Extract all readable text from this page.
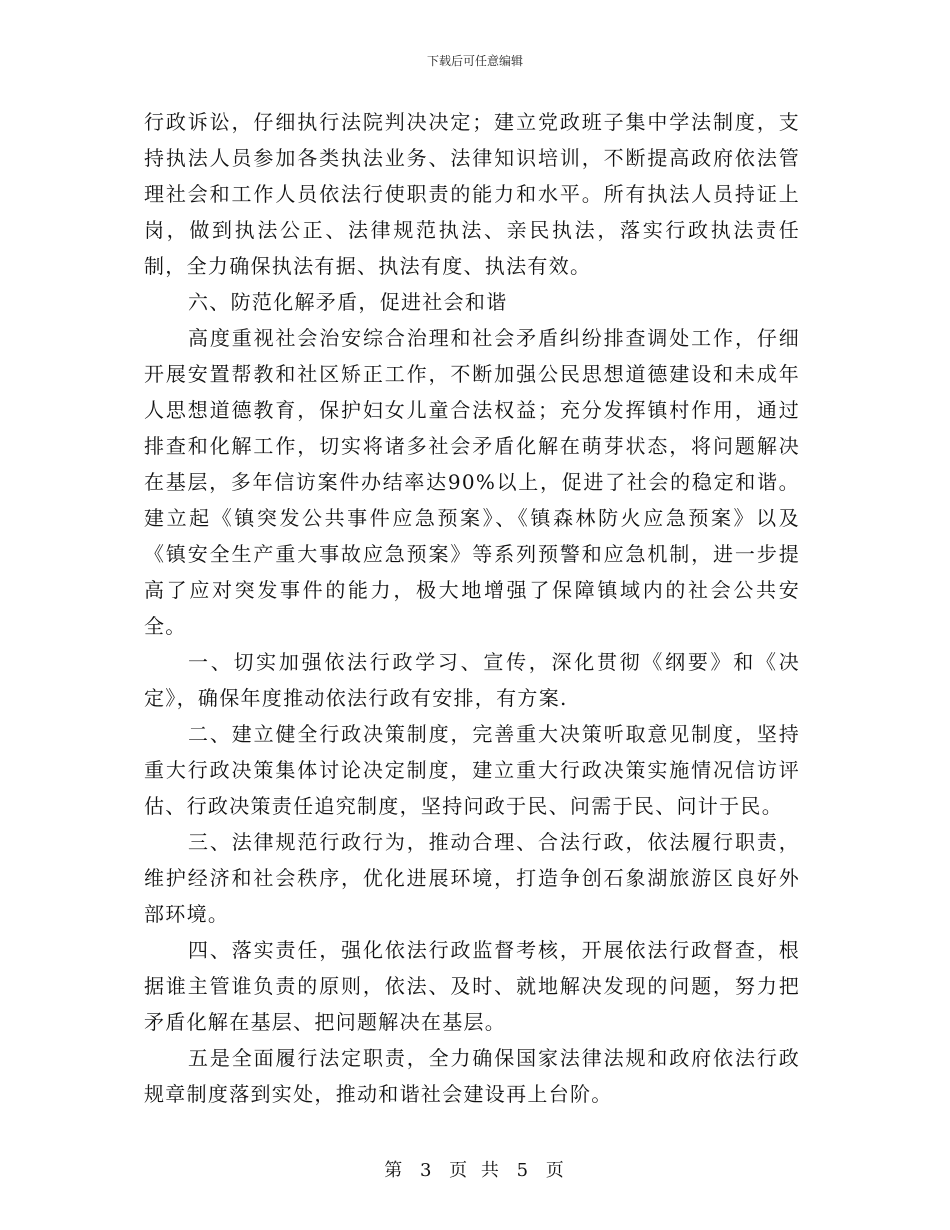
下载后可任意编辑

行政诉讼，仔细执行法院判决决定；建立党政班子集中学法制度，支持执法人员参加各类执法业务、法律知识培训，不断提高政府依法管理社会和工作人员依法行使职责的能力和水平。所有执法人员持证上岗，做到执法公正、法律规范执法、亲民执法，落实行政执法责任制，全力确保执法有据、执法有度、执法有效。

六、防范化解矛盾，促进社会和谐

高度重视社会治安综合治理和社会矛盾纠纷排查调处工作，仔细开展安置帮教和社区矫正工作，不断加强公民思想道德建设和未成年人思想道德教育，保护妇女儿童合法权益；充分发挥镇村作用，通过排查和化解工作，切实将诸多社会矛盾化解在萌芽状态，将问题解决在基层，多年信访案件办结率达90%以上，促进了社会的稳定和谐。建立起《镇突发公共事件应急预案》、《镇森林防火应急预案》以及《镇安全生产重大事故应急预案》等系列预警和应急机制，进一步提高了应对突发事件的能力，极大地增强了保障镇域内的社会公共安全。

一、切实加强依法行政学习、宣传，深化贯彻《纲要》和《决定》，确保年度推动依法行政有安排，有方案.

二、建立健全行政决策制度，完善重大决策听取意见制度，坚持重大行政决策集体讨论决定制度，建立重大行政决策实施情况信访评估、行政决策责任追究制度，坚持问政于民、问需于民、问计于民。

三、法律规范行政行为，推动合理、合法行政，依法履行职责，维护经济和社会秩序，优化进展环境，打造争创石象湖旅游区良好外部环境。

四、落实责任，强化依法行政监督考核，开展依法行政督查，根据谁主管谁负责的原则，依法、及时、就地解决发现的问题，努力把矛盾化解在基层、把问题解决在基层。

五是全面履行法定职责，全力确保国家法律法规和政府依法行政规章制度落到实处，推动和谐社会建设再上台阶。

第 3 页 共 5 页
